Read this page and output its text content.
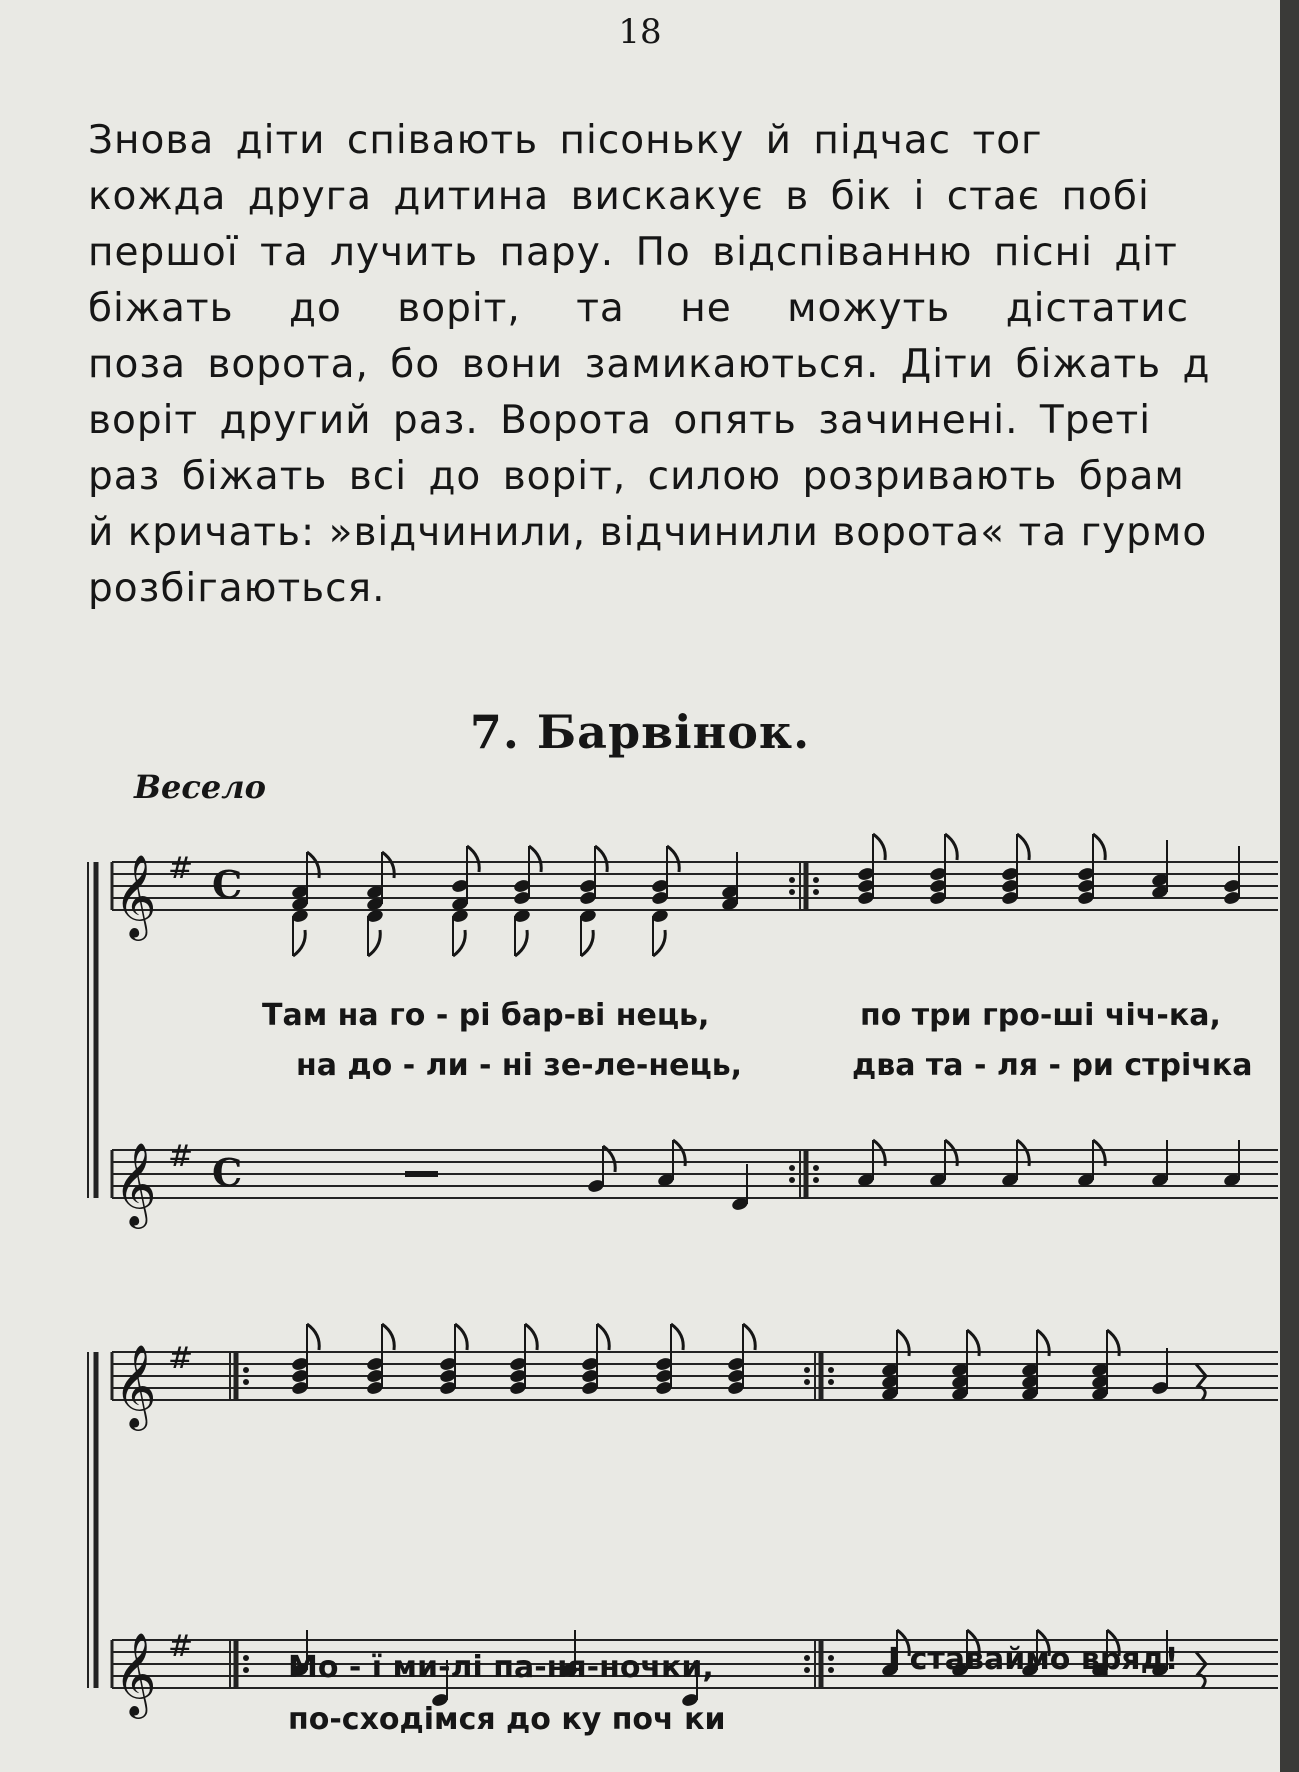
18
Знова діти співають пісоньку й підчас тог
кожда друга дитина вискакує в бік і стає побі
першої та лучить пару. По відспіванню пісні діт
біжать до воріт, та не можуть дістатис
поза ворота, бо вони замикаються. Діти біжать д
воріт другий раз. Ворота опять зачинені. Треті
раз біжать всі до воріт, силою розривають брам
й кричать: »відчинили, відчинили ворота« та гурмо
розбігаються.
7. Барвінок.
Весело
𝄞 #
𝄞 #
𝄞 #
𝄞 #
C
C
Там на го - рі бар-ві нець,	по три гро-ші чіч-ка,
на до - ли - ні зе-ле-нець,	два та - ля - ри стрічка
Мо - ї ми-лі па-ня-ночки,	І ставаймо вряд!
по-сходімся до ку поч ки
